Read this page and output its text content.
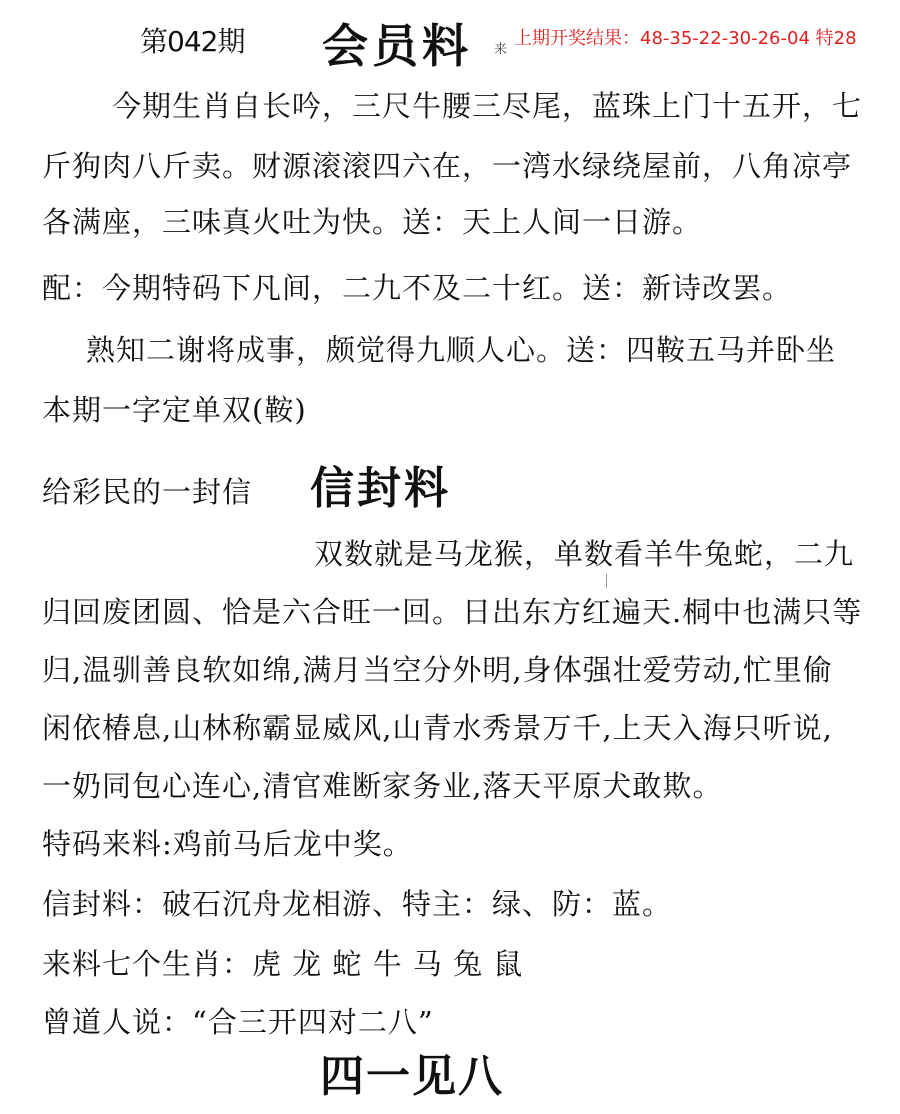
第042期 会员料 来
上期开奖结果：48-35-22-30-26-04 特28
今期生肖自长吟，三尺牛腰三尽尾，蓝珠上门十五开，七
斤狗肉八斤卖。财源滚滚四六在，一湾水绿绕屋前，八角凉亭
各满座，三味真火吐为快。送：天上人间一日游。
配：今期特码下凡间，二九不及二十红。送：新诗改罢。
熟知二谢将成事，颇觉得九顺人心。送：四鞍五马并卧坐
本期一字定单双(鞍)
给彩民的一封信 信封料
双数就是马龙猴，单数看羊牛兔蛇，二九
归回废团圆、恰是六合旺一回。日出东方红遍天.桐中也满只等
归,温驯善良软如绵,满月当空分外明,身体强壮爱劳动,忙里偷
闲依椿息,山林称霸显威风,山青水秀景万千,上天入海只听说,
一奶同包心连心,清官难断家务业,落天平原犬敢欺。
特码来料:鸡前马后龙中奖。
信封料：破石沉舟龙相游、特主：绿、防：蓝。
来料七个生肖：虎 龙 蛇 牛 马 兔 鼠
曾道人说：“合三开四对二八”
四一见八
